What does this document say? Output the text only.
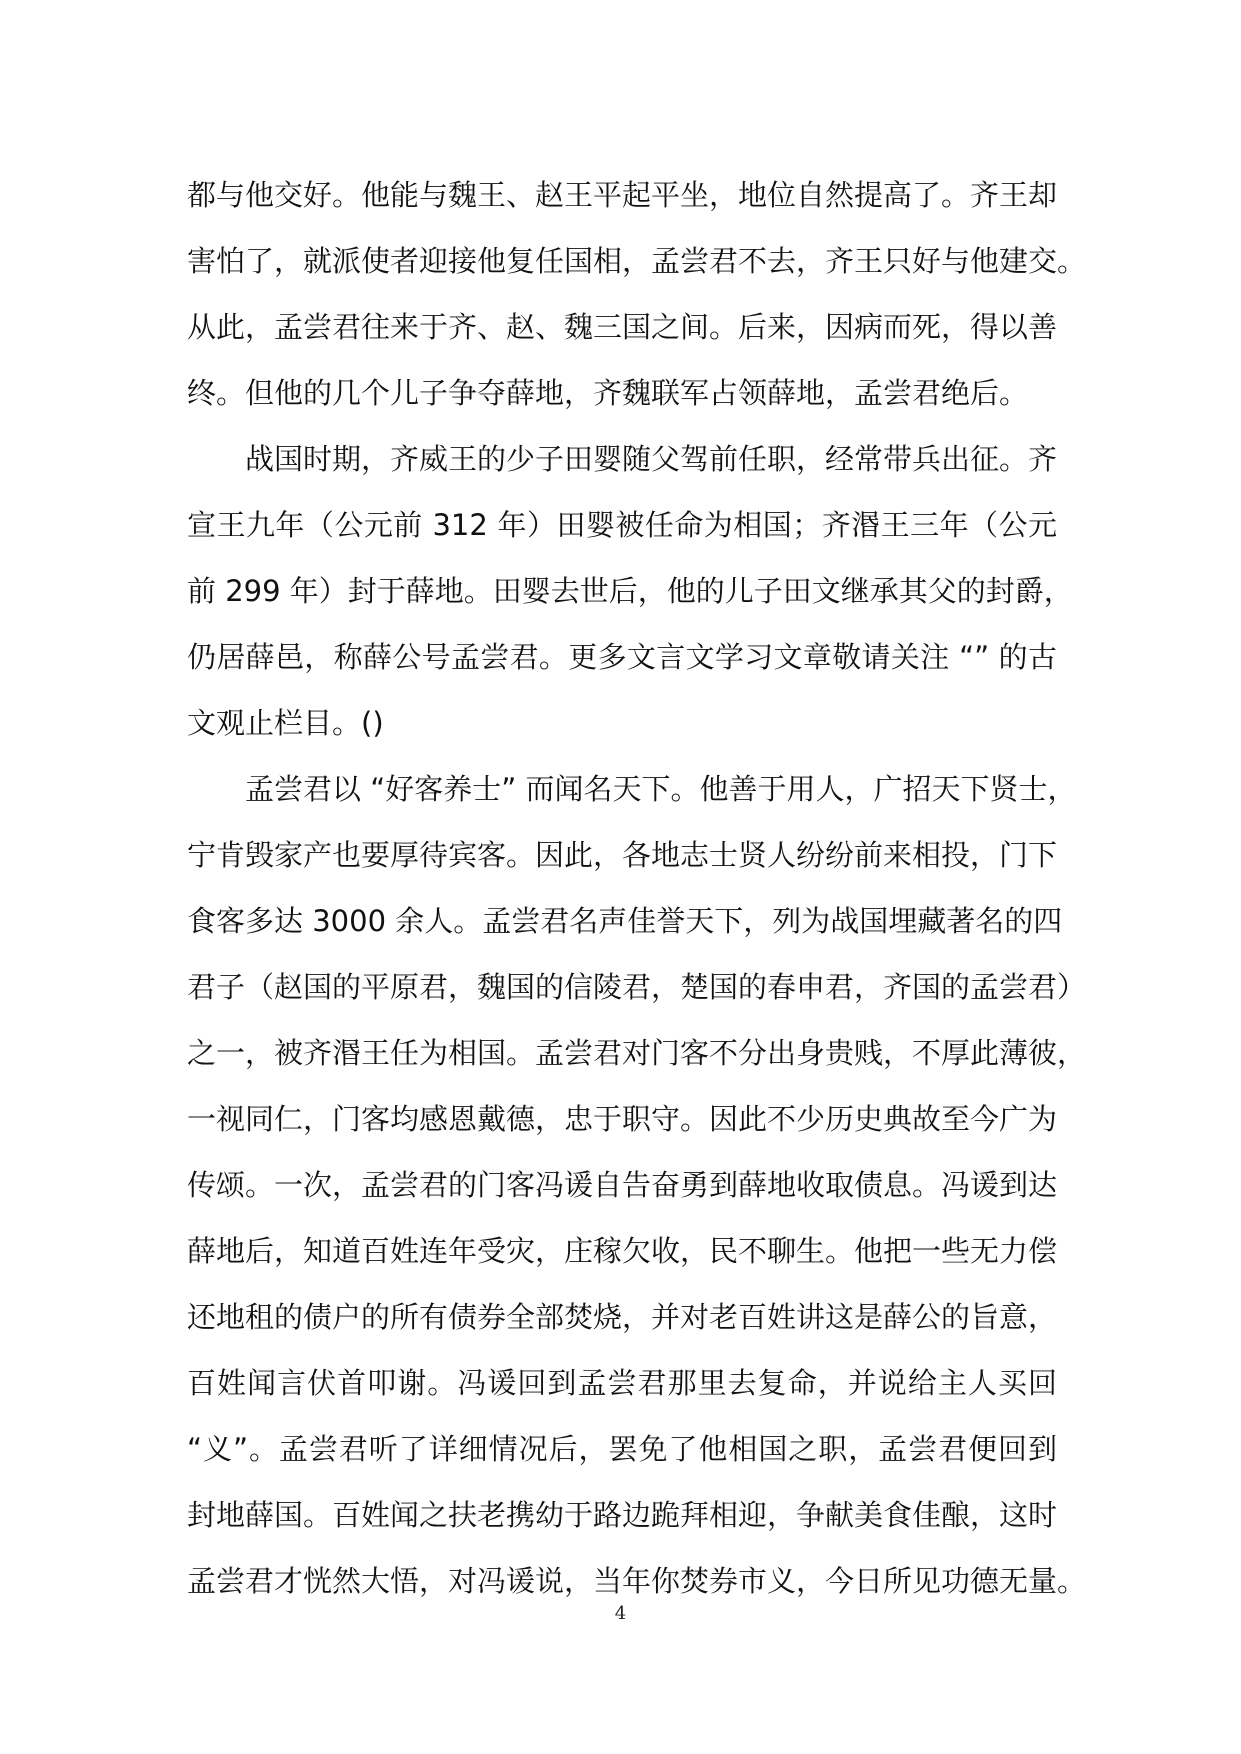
都与他交好。他能与魏王、赵王平起平坐，地位自然提高了。齐王却
害怕了，就派使者迎接他复任国相，孟尝君不去，齐王只好与他建交。
从此，孟尝君往来于齐、赵、魏三国之间。后来，因病而死，得以善
终。但他的几个儿子争夺薛地，齐魏联军占领薛地，孟尝君绝后。
战国时期，齐威王的少子田婴随父驾前任职，经常带兵出征。齐
宣王九年（公元前 312 年）田婴被任命为相国；齐湣王三年（公元
前 299 年）封于薛地。田婴去世后，他的儿子田文继承其父的封爵，
仍居薛邑，称薛公号孟尝君。更多文言文学习文章敬请关注 “” 的古
文观止栏目。()
孟尝君以 “好客养士” 而闻名天下。他善于用人，广招天下贤士，
宁肯毁家产也要厚待宾客。因此，各地志士贤人纷纷前来相投，门下
食客多达 3000 余人。孟尝君名声佳誉天下，列为战国埋藏著名的四
君子（赵国的平原君，魏国的信陵君，楚国的春申君，齐国的孟尝君）
之一，被齐湣王任为相国。孟尝君对门客不分出身贵贱，不厚此薄彼，
一视同仁，门客均感恩戴德，忠于职守。因此不少历史典故至今广为
传颂。一次，孟尝君的门客冯谖自告奋勇到薛地收取债息。冯谖到达
薛地后，知道百姓连年受灾，庄稼欠收，民不聊生。他把一些无力偿
还地租的债户的所有债券全部焚烧，并对老百姓讲这是薛公的旨意，
百姓闻言伏首叩谢。冯谖回到孟尝君那里去复命，并说给主人买回
“义”。孟尝君听了详细情况后，罢免了他相国之职，孟尝君便回到
封地薛国。百姓闻之扶老携幼于路边跪拜相迎，争献美食佳酿，这时
孟尝君才恍然大悟，对冯谖说，当年你焚券市义，今日所见功德无量。
4
